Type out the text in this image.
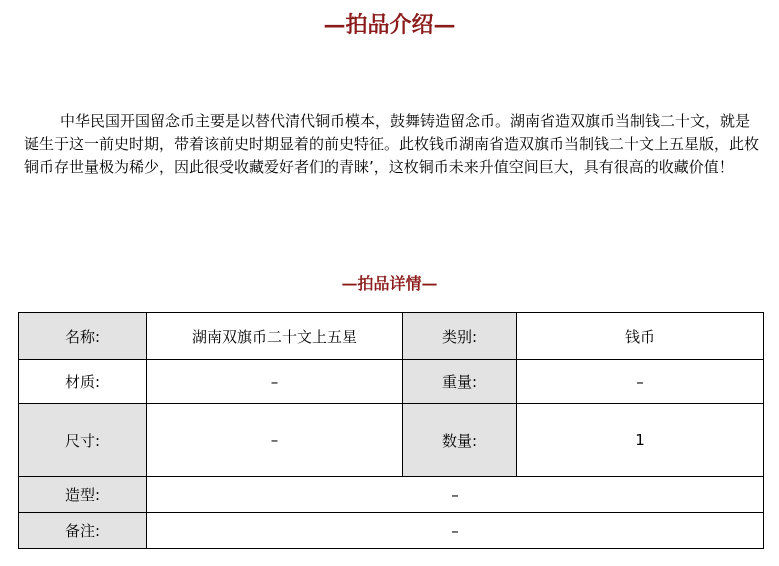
—拍品介绍—

中华民国开国留念币主要是以替代清代铜币模本，鼓舞铸造留念币。湖南省造双旗币当制钱二十文，就是诞生于这一前史时期，带着该前史时期显着的前史特征。此枚钱币湖南省造双旗币当制钱二十文上五星版，此枚铜币存世量极为稀少，因此很受收藏爱好者们的青睐’，这枚铜币未来升值空间巨大，具有很高的收藏价值！

—拍品详情—
名称:	湖南双旗币二十文上五星	类别:	钱币
材质:	–	重量:	–
尺寸:	–	数量:	1
造型:	–		
备注:	–		
